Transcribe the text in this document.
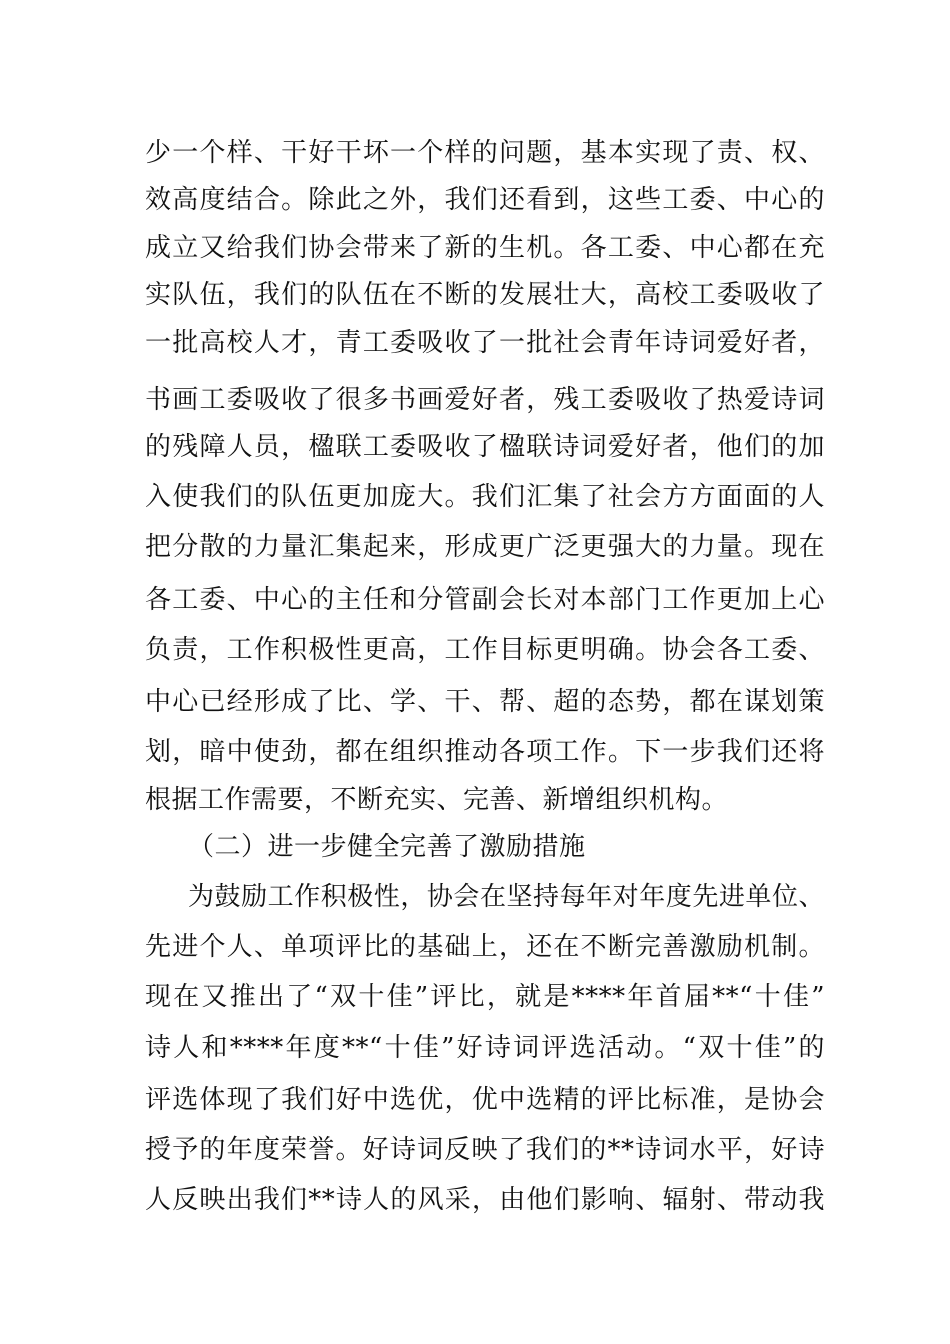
少一个样、干好干坏一个样的问题，基本实现了责、权、
效高度结合。除此之外，我们还看到，这些工委、中心的
成立又给我们协会带来了新的生机。各工委、中心都在充
实队伍，我们的队伍在不断的发展壮大，高校工委吸收了
一批高校人才，青工委吸收了一批社会青年诗词爱好者，
书画工委吸收了很多书画爱好者，残工委吸收了热爱诗词
的残障人员，楹联工委吸收了楹联诗词爱好者，他们的加
入使我们的队伍更加庞大。我们汇集了社会方方面面的人
把分散的力量汇集起来，形成更广泛更强大的力量。现在
各工委、中心的主任和分管副会长对本部门工作更加上心
负责，工作积极性更高，工作目标更明确。协会各工委、
中心已经形成了比、学、干、帮、超的态势，都在谋划策
划，暗中使劲，都在组织推动各项工作。下一步我们还将
根据工作需要，不断充实、完善、新增组织机构。
（二）进一步健全完善了激励措施
为鼓励工作积极性，协会在坚持每年对年度先进单位、
先进个人、单项评比的基础上，还在不断完善激励机制。
现在又推出了“双十佳”评比，就是****年首届**“十佳”
诗人和****年度**“十佳”好诗词评选活动。“双十佳”的
评选体现了我们好中选优，优中选精的评比标准，是协会
授予的年度荣誉。好诗词反映了我们的**诗词水平，好诗
人反映出我们**诗人的风采，由他们影响、辐射、带动我
